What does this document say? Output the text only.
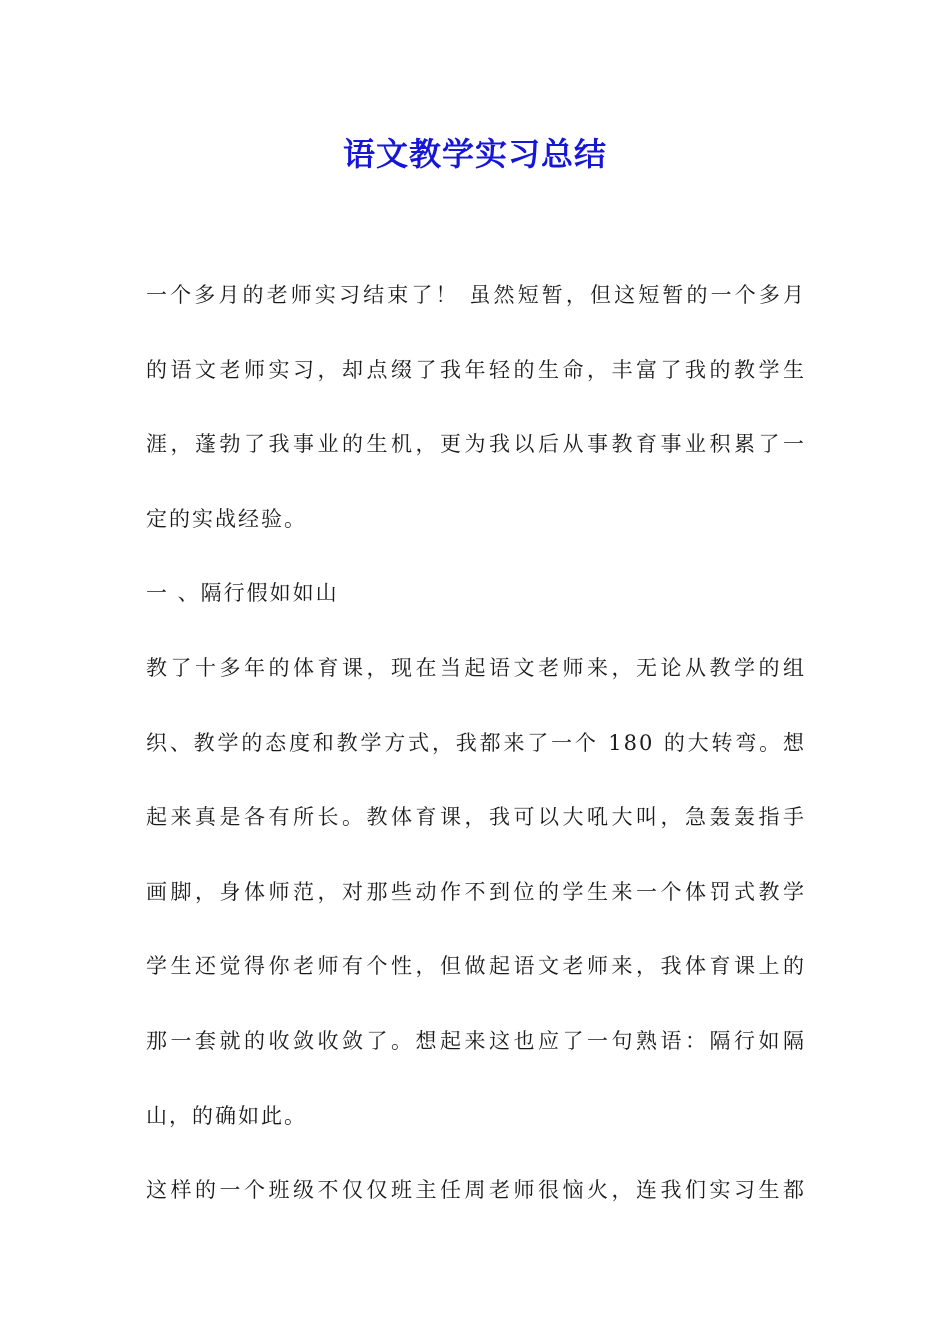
语文教学实习总结
一个多月的老师实习结束了！ 虽然短暂，但这短暂的一个多月
的语文老师实习，却点缀了我年轻的生命，丰富了我的教学生
涯，蓬勃了我事业的生机，更为我以后从事教育事业积累了一
定的实战经验。
一 、隔行假如如山
教了十多年的体育课，现在当起语文老师来，无论从教学的组
织、教学的态度和教学方式，我都来了一个 180 的大转弯。想
起来真是各有所长。教体育课，我可以大吼大叫，急轰轰指手
画脚，身体师范，对那些动作不到位的学生来一个体罚式教学
学生还觉得你老师有个性，但做起语文老师来，我体育课上的
那一套就的收敛收敛了。想起来这也应了一句熟语：隔行如隔
山，的确如此。
这样的一个班级不仅仅班主任周老师很恼火，连我们实习生都
